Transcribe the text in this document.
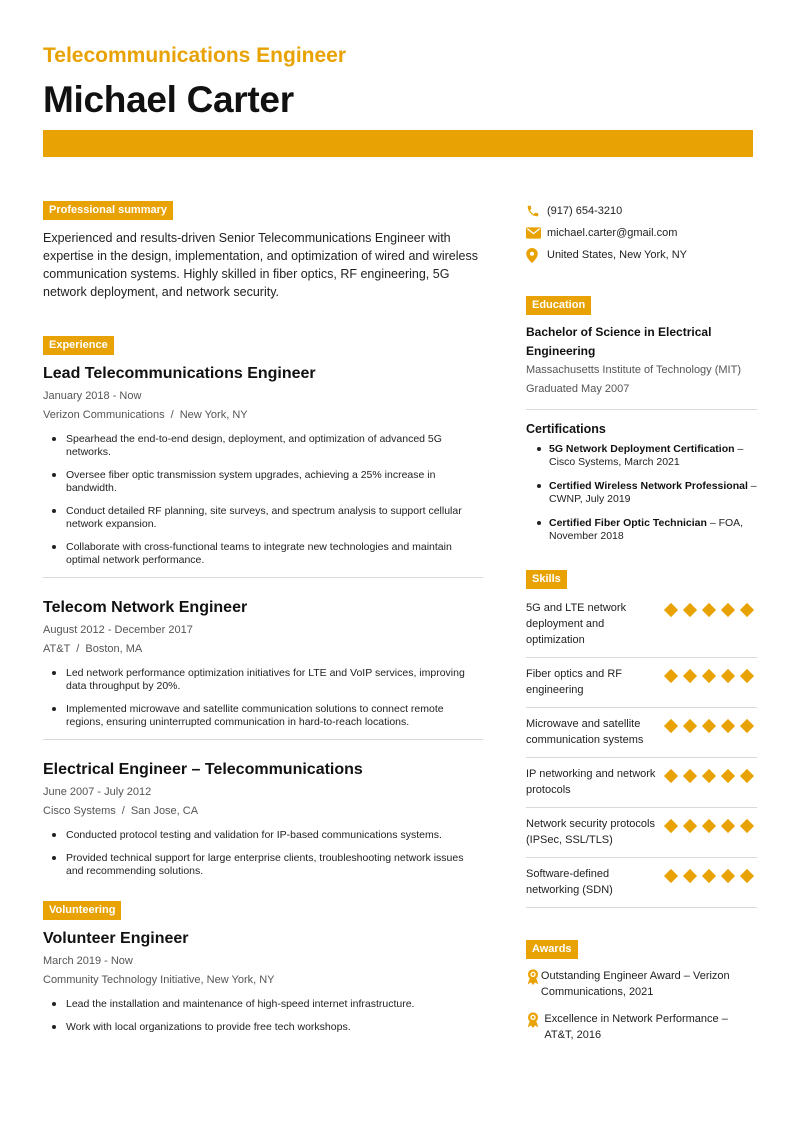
Telecommunications Engineer
Michael Carter
Professional summary

Experienced and results-driven Senior Telecommunications Engineer with expertise in the design, implementation, and optimization of wired and wireless communication systems. Highly skilled in fiber optics, RF engineering, 5G network deployment, and network security.

Experience
Lead Telecommunications Engineer
January 2018 - Now
Verizon Communications / New York, NY
Spearhead the end-to-end design, deployment, and optimization of advanced 5G networks.
Oversee fiber optic transmission system upgrades, achieving a 25% increase in bandwidth.
Conduct detailed RF planning, site surveys, and spectrum analysis to support cellular network expansion.
Collaborate with cross-functional teams to integrate new technologies and maintain optimal network performance.
Telecom Network Engineer
August 2012 - December 2017
AT&T / Boston, MA
Led network performance optimization initiatives for LTE and VoIP services, improving data throughput by 20%.
Implemented microwave and satellite communication solutions to connect remote regions, ensuring uninterrupted communication in hard-to-reach locations.
Electrical Engineer – Telecommunications
June 2007 - July 2012
Cisco Systems / San Jose, CA
Conducted protocol testing and validation for IP-based communications systems.
Provided technical support for large enterprise clients, troubleshooting network issues and recommending solutions.
Volunteering
Volunteer Engineer
March 2019 - Now
Community Technology Initiative, New York, NY
Lead the installation and maintenance of high-speed internet infrastructure.
Work with local organizations to provide free tech workshops.
(917) 654-3210
michael.carter@gmail.com
United States, New York, NY
Education
Bachelor of Science in Electrical Engineering
Massachusetts Institute of Technology (MIT)
Graduated May 2007
Certifications
5G Network Deployment Certification – Cisco Systems, March 2021
Certified Wireless Network Professional – CWNP, July 2019
Certified Fiber Optic Technician – FOA, November 2018
Skills
5G and LTE network deployment and optimization
Fiber optics and RF engineering
Microwave and satellite communication systems
IP networking and network protocols
Network security protocols (IPSec, SSL/TLS)
Software-defined networking (SDN)
Awards
Outstanding Engineer Award – Verizon Communications, 2021
Excellence in Network Performance – AT&T, 2016
